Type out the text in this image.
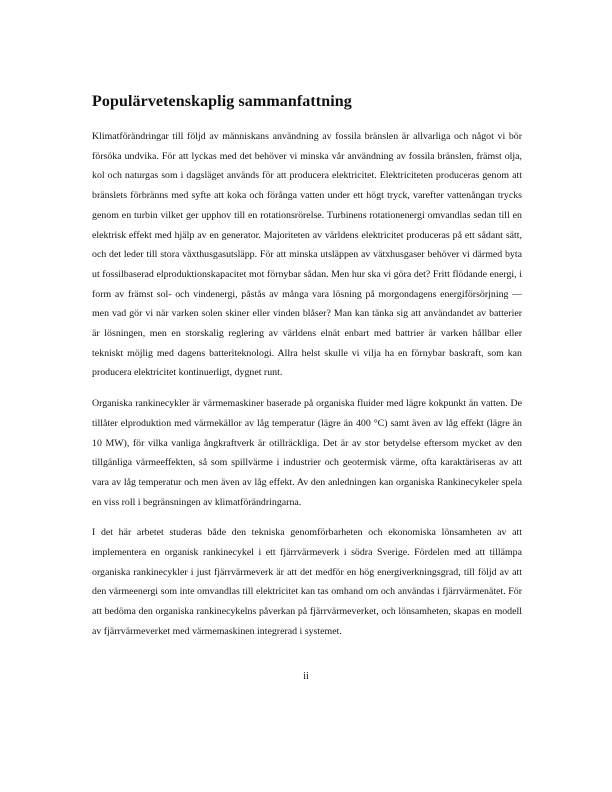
Populärvetenskaplig sammanfattning

Klimatförändringar till följd av människans användning av fossila bränslen är allvarliga och något vi bör försöka undvika. För att lyckas med det behöver vi minska vår användning av fossila bränslen, främst olja, kol och naturgas som i dagsläget används för att producera elektricitet. Elektriciteten produceras genom att bränslets förbränns med syfte att koka och förånga vatten under ett högt tryck, varefter vattenångan trycks genom en turbin vilket ger upphov till en rotationsrörelse. Turbinens rotationenergi omvandlas sedan till en elektrisk effekt med hjälp av en generator. Majoriteten av världens elektricitet produceras på ett sådant sätt, och det leder till stora växthusgasutsläpp. För att minska utsläppen av vätxhusgaser behöver vi därmed byta ut fossilbaserad elproduktionskapacitet mot förnybar sådan. Men hur ska vi göra det? Fritt flödande energi, i form av främst sol- och vindenergi, påstås av många vara lösning på morgondagens energiförsörjning — men vad gör vi när varken solen skiner eller vinden blåser? Man kan tänka sig att användandet av batterier är lösningen, men en storskalig reglering av världens elnät enbart med battrier är varken hållbar eller tekniskt möjlig med dagens batteriteknologi. Allra helst skulle vi vilja ha en förnybar baskraft, som kan producera elektricitet kontinuerligt, dygnet runt.

Organiska rankinecykler är värmemaskiner baserade på organiska fluider med lägre kokpunkt än vatten. De tillåter elproduktion med värmekällor av låg temperatur (lägre än 400 °C) samt även av låg effekt (lägre än 10 MW), för vilka vanliga ångkraftverk är otillräckliga. Det är av stor betydelse eftersom mycket av den tillgänliga värmeeffekten, så som spillvärme i industrier och geotermisk värme, ofta karaktäriseras av att vara av låg temperatur och men även av låg effekt. Av den anledningen kan organiska Rankinecykeler spela en viss roll i begränsningen av klimatförändringarna.

I det här arbetet studeras både den tekniska genomförbarheten och ekonomiska lönsamheten av att implementera en organisk rankinecykel i ett fjärrvärmeverk i södra Sverige. Fördelen med att tillämpa organiska rankinecykler i just fjärrvärmeverk är att det medför en hög energiverkningsgrad, till följd av att den värmeenergi som inte omvandlas till elektricitet kan tas omhand om och användas i fjärrvärmenätet. För att bedöma den organiska rankinecykelns påverkan på fjärrvärmeverket, och lönsamheten, skapas en modell av fjärrvärmeverket med värmemaskinen integrerad i systemet.

ii
